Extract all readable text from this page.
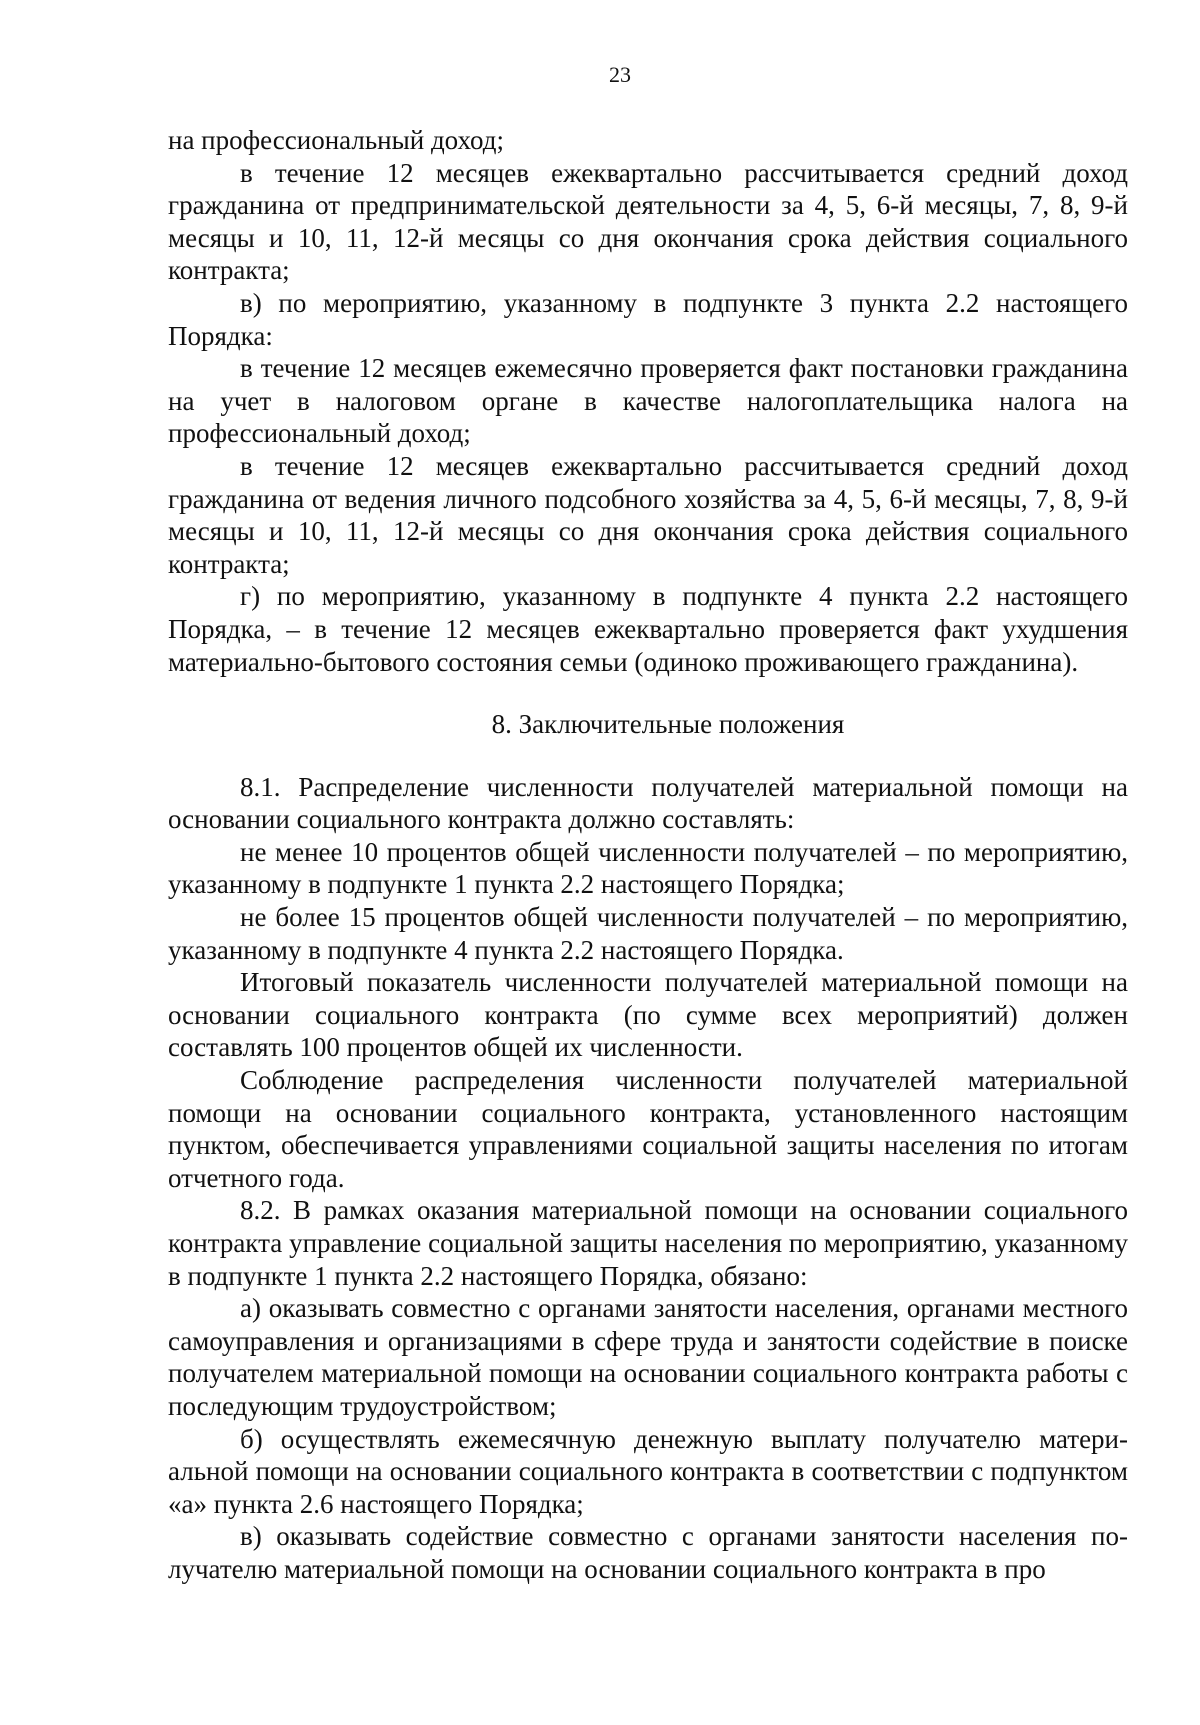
23

на профессиональный доход;

в течение 12 месяцев ежеквартально рассчитывается средний доход гражданина от предпринимательской деятельности за 4, 5, 6-й месяцы, 7, 8, 9-й месяцы и 10, 11, 12-й месяцы со дня окончания срока действия социального контракта;

в) по мероприятию, указанному в подпункте 3 пункта 2.2 настоящего Порядка:

в течение 12 месяцев ежемесячно проверяется факт постановки гражданина на учет в налоговом органе в качестве налогоплательщика налога на профессиональный доход;

в течение 12 месяцев ежеквартально рассчитывается средний доход гражданина от ведения личного подсобного хозяйства за 4, 5, 6-й месяцы, 7, 8, 9-й месяцы и 10, 11, 12-й месяцы со дня окончания срока действия социального контракта;

г) по мероприятию, указанному в подпункте 4 пункта 2.2 настоящего Порядка, – в течение 12 месяцев ежеквартально проверяется факт ухудшения материально-бытового состояния семьи (одиноко проживающего гражданина).

8. Заключительные положения

8.1. Распределение численности получателей материальной помощи на основании социального контракта должно составлять:

не менее 10 процентов общей численности получателей – по мероприятию, указанному в подпункте 1 пункта 2.2 настоящего Порядка;

не более 15 процентов общей численности получателей – по мероприятию, указанному в подпункте 4 пункта 2.2 настоящего Порядка.

Итоговый показатель численности получателей материальной помощи на основании социального контракта (по сумме всех мероприятий) должен составлять 100 процентов общей их численности.

Соблюдение распределения численности получателей материальной помощи на основании социального контракта, установленного настоящим пунктом, обеспечивается управлениями социальной защиты населения по итогам отчетного года.

8.2. В рамках оказания материальной помощи на основании социального контракта управление социальной защиты населения по мероприятию, указанному в подпункте 1 пункта 2.2 настоящего Порядка, обязано:

а) оказывать совместно с органами занятости населения, органами местного самоуправления и организациями в сфере труда и занятости содействие в поиске получателем материальной помощи на основании социального контракта работы с последующим трудоустройством;

б) осуществлять ежемесячную денежную выплату получателю материальной помощи на основании социального контракта в соответствии с подпунктом «а» пункта 2.6 настоящего Порядка;

в) оказывать содействие совместно с органами занятости населения получателю материальной помощи на основании социального контракта в про
